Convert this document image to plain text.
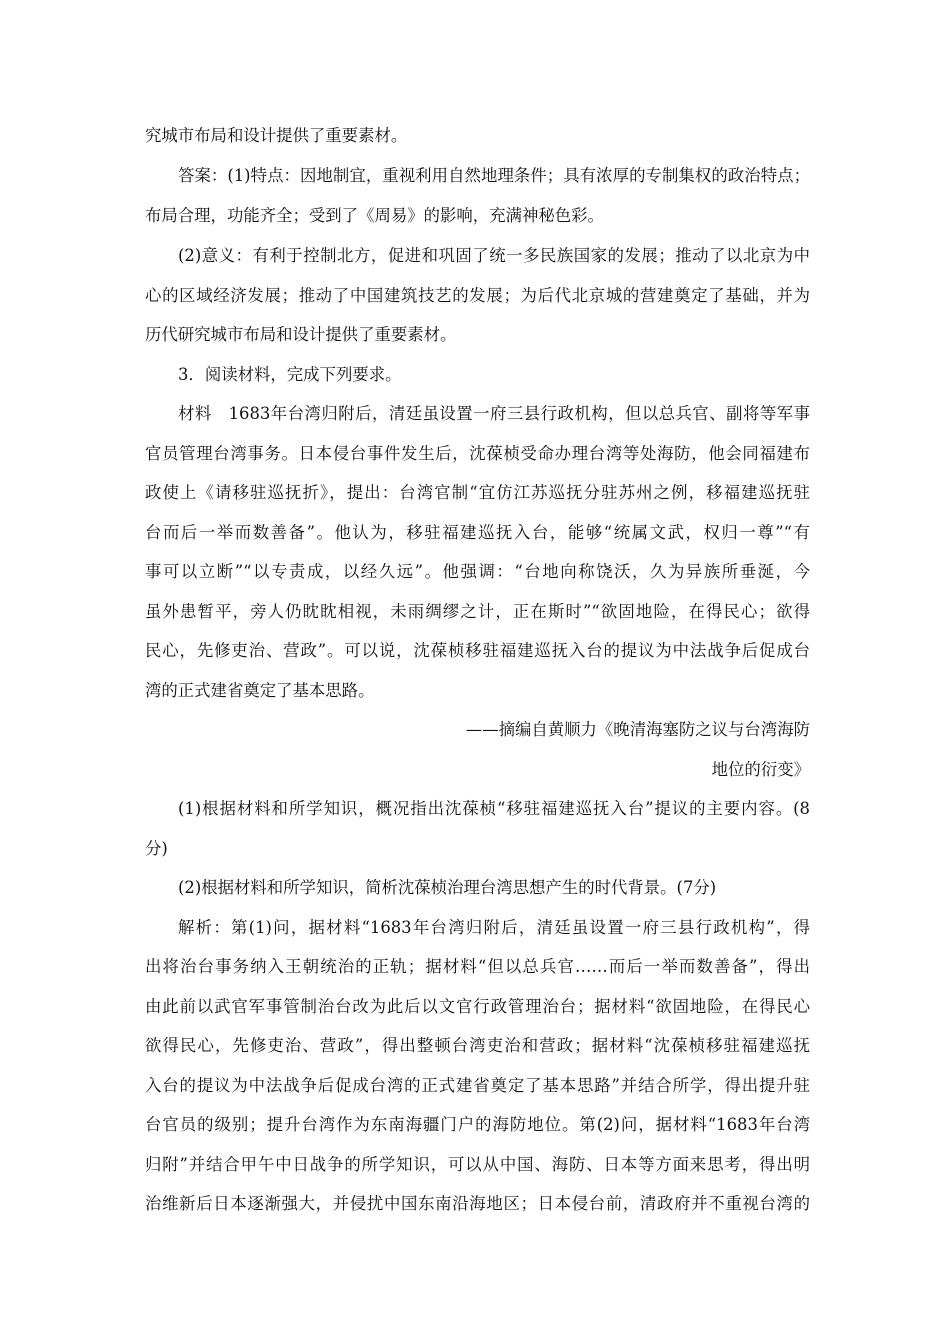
究城市布局和设计提供了重要素材。
答案：(1)特点：因地制宜，重视利用自然地理条件；具有浓厚的专制集权的政治特点；
布局合理，功能齐全；受到了《周易》的影响，充满神秘色彩。
(2)意义：有利于控制北方，促进和巩固了统一多民族国家的发展；推动了以北京为中
心的区域经济发展；推动了中国建筑技艺的发展；为后代北京城的营建奠定了基础，并为
历代研究城市布局和设计提供了重要素材。
3．阅读材料，完成下列要求。
材料　1683年台湾归附后，清廷虽设置一府三县行政机构，但以总兵官、副将等军事
官员管理台湾事务。日本侵台事件发生后，沈葆桢受命办理台湾等处海防，他会同福建布
政使上《请移驻巡抚折》，提出：台湾官制“宜仿江苏巡抚分驻苏州之例，移福建巡抚驻
台而后一举而数善备”。他认为，移驻福建巡抚入台，能够“统属文武，权归一尊”“有
事可以立断”“以专责成，以经久远”。他强调：“台地向称饶沃，久为异族所垂涎，今
虽外患暂平，旁人仍眈眈相视，未雨绸缪之计，正在斯时”“欲固地险，在得民心；欲得
民心，先修吏治、营政”。可以说，沈葆桢移驻福建巡抚入台的提议为中法战争后促成台
湾的正式建省奠定了基本思路。
——摘编自黄顺力《晚清海塞防之议与台湾海防
地位的衍变》
(1)根据材料和所学知识，概况指出沈葆桢“移驻福建巡抚入台”提议的主要内容。(8
分)
(2)根据材料和所学知识，简析沈葆桢治理台湾思想产生的时代背景。(7分)
解析：第(1)问，据材料“1683年台湾归附后，清廷虽设置一府三县行政机构”，得
出将治台事务纳入王朝统治的正轨；据材料“但以总兵官……而后一举而数善备”，得出
由此前以武官军事管制治台改为此后以文官行政管理治台；据材料“欲固地险，在得民心
欲得民心，先修吏治、营政”，得出整顿台湾吏治和营政；据材料“沈葆桢移驻福建巡抚
入台的提议为中法战争后促成台湾的正式建省奠定了基本思路”并结合所学，得出提升驻
台官员的级别；提升台湾作为东南海疆门户的海防地位。第(2)问，据材料“1683年台湾
归附”并结合甲午中日战争的所学知识，可以从中国、海防、日本等方面来思考，得出明
治维新后日本逐渐强大，并侵扰中国东南沿海地区；日本侵台前，清政府并不重视台湾的
